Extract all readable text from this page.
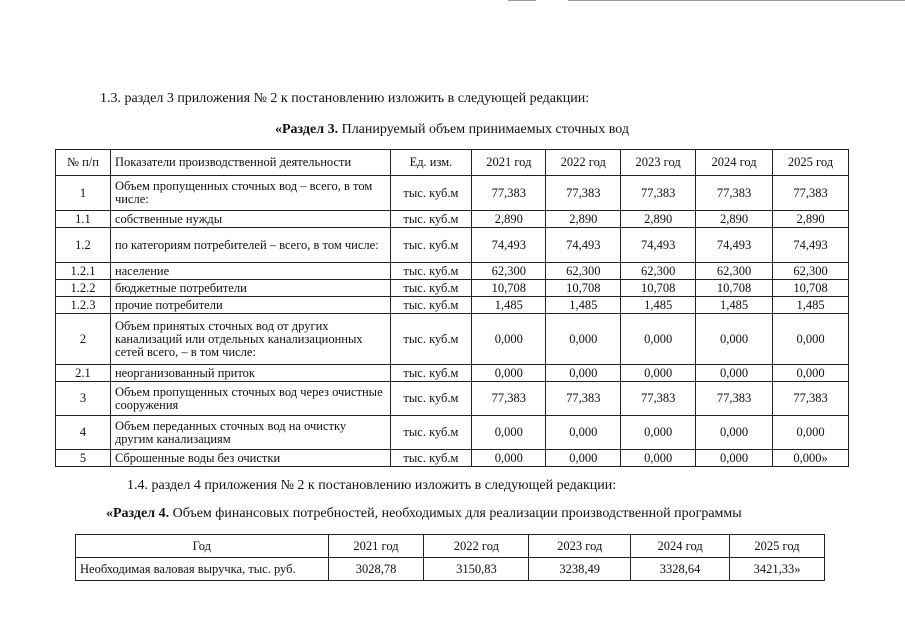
1.3. раздел 3 приложения № 2 к постановлению изложить в следующей редакции:
«Раздел 3. Планируемый объем принимаемых сточных вод
№ п/п	Показатели производственной деятельности	Ед. изм.	2021 год	2022 год	2023 год	2024 год	2025 год
1	Объем пропущенных сточных вод – всего, в том числе:	тыс. куб.м	77,383	77,383	77,383	77,383	77,383
1.1	собственные нужды	тыс. куб.м	2,890	2,890	2,890	2,890	2,890
1.2	по категориям потребителей – всего, в том числе:	тыс. куб.м	74,493	74,493	74,493	74,493	74,493
1.2.1	население	тыс. куб.м	62,300	62,300	62,300	62,300	62,300
1.2.2	бюджетные потребители	тыс. куб.м	10,708	10,708	10,708	10,708	10,708
1.2.3	прочие потребители	тыс. куб.м	1,485	1,485	1,485	1,485	1,485
2	Объем принятых сточных вод от других канализаций или отдельных канализационных сетей всего, – в том числе:	тыс. куб.м	0,000	0,000	0,000	0,000	0,000
2.1	неорганизованный приток	тыс. куб.м	0,000	0,000	0,000	0,000	0,000
3	Объем пропущенных сточных вод через очистные сооружения	тыс. куб.м	77,383	77,383	77,383	77,383	77,383
4	Объем переданных сточных вод на очистку другим канализациям	тыс. куб.м	0,000	0,000	0,000	0,000	0,000
5	Сброшенные воды без очистки	тыс. куб.м	0,000	0,000	0,000	0,000	0,000»
1.4. раздел 4 приложения № 2 к постановлению изложить в следующей редакции:
«Раздел 4. Объем финансовых потребностей, необходимых для реализации производственной программы
Год	2021 год	2022 год	2023 год	2024 год	2025 год
Необходимая валовая выручка, тыс. руб.	3028,78	3150,83	3238,49	3328,64	3421,33»
